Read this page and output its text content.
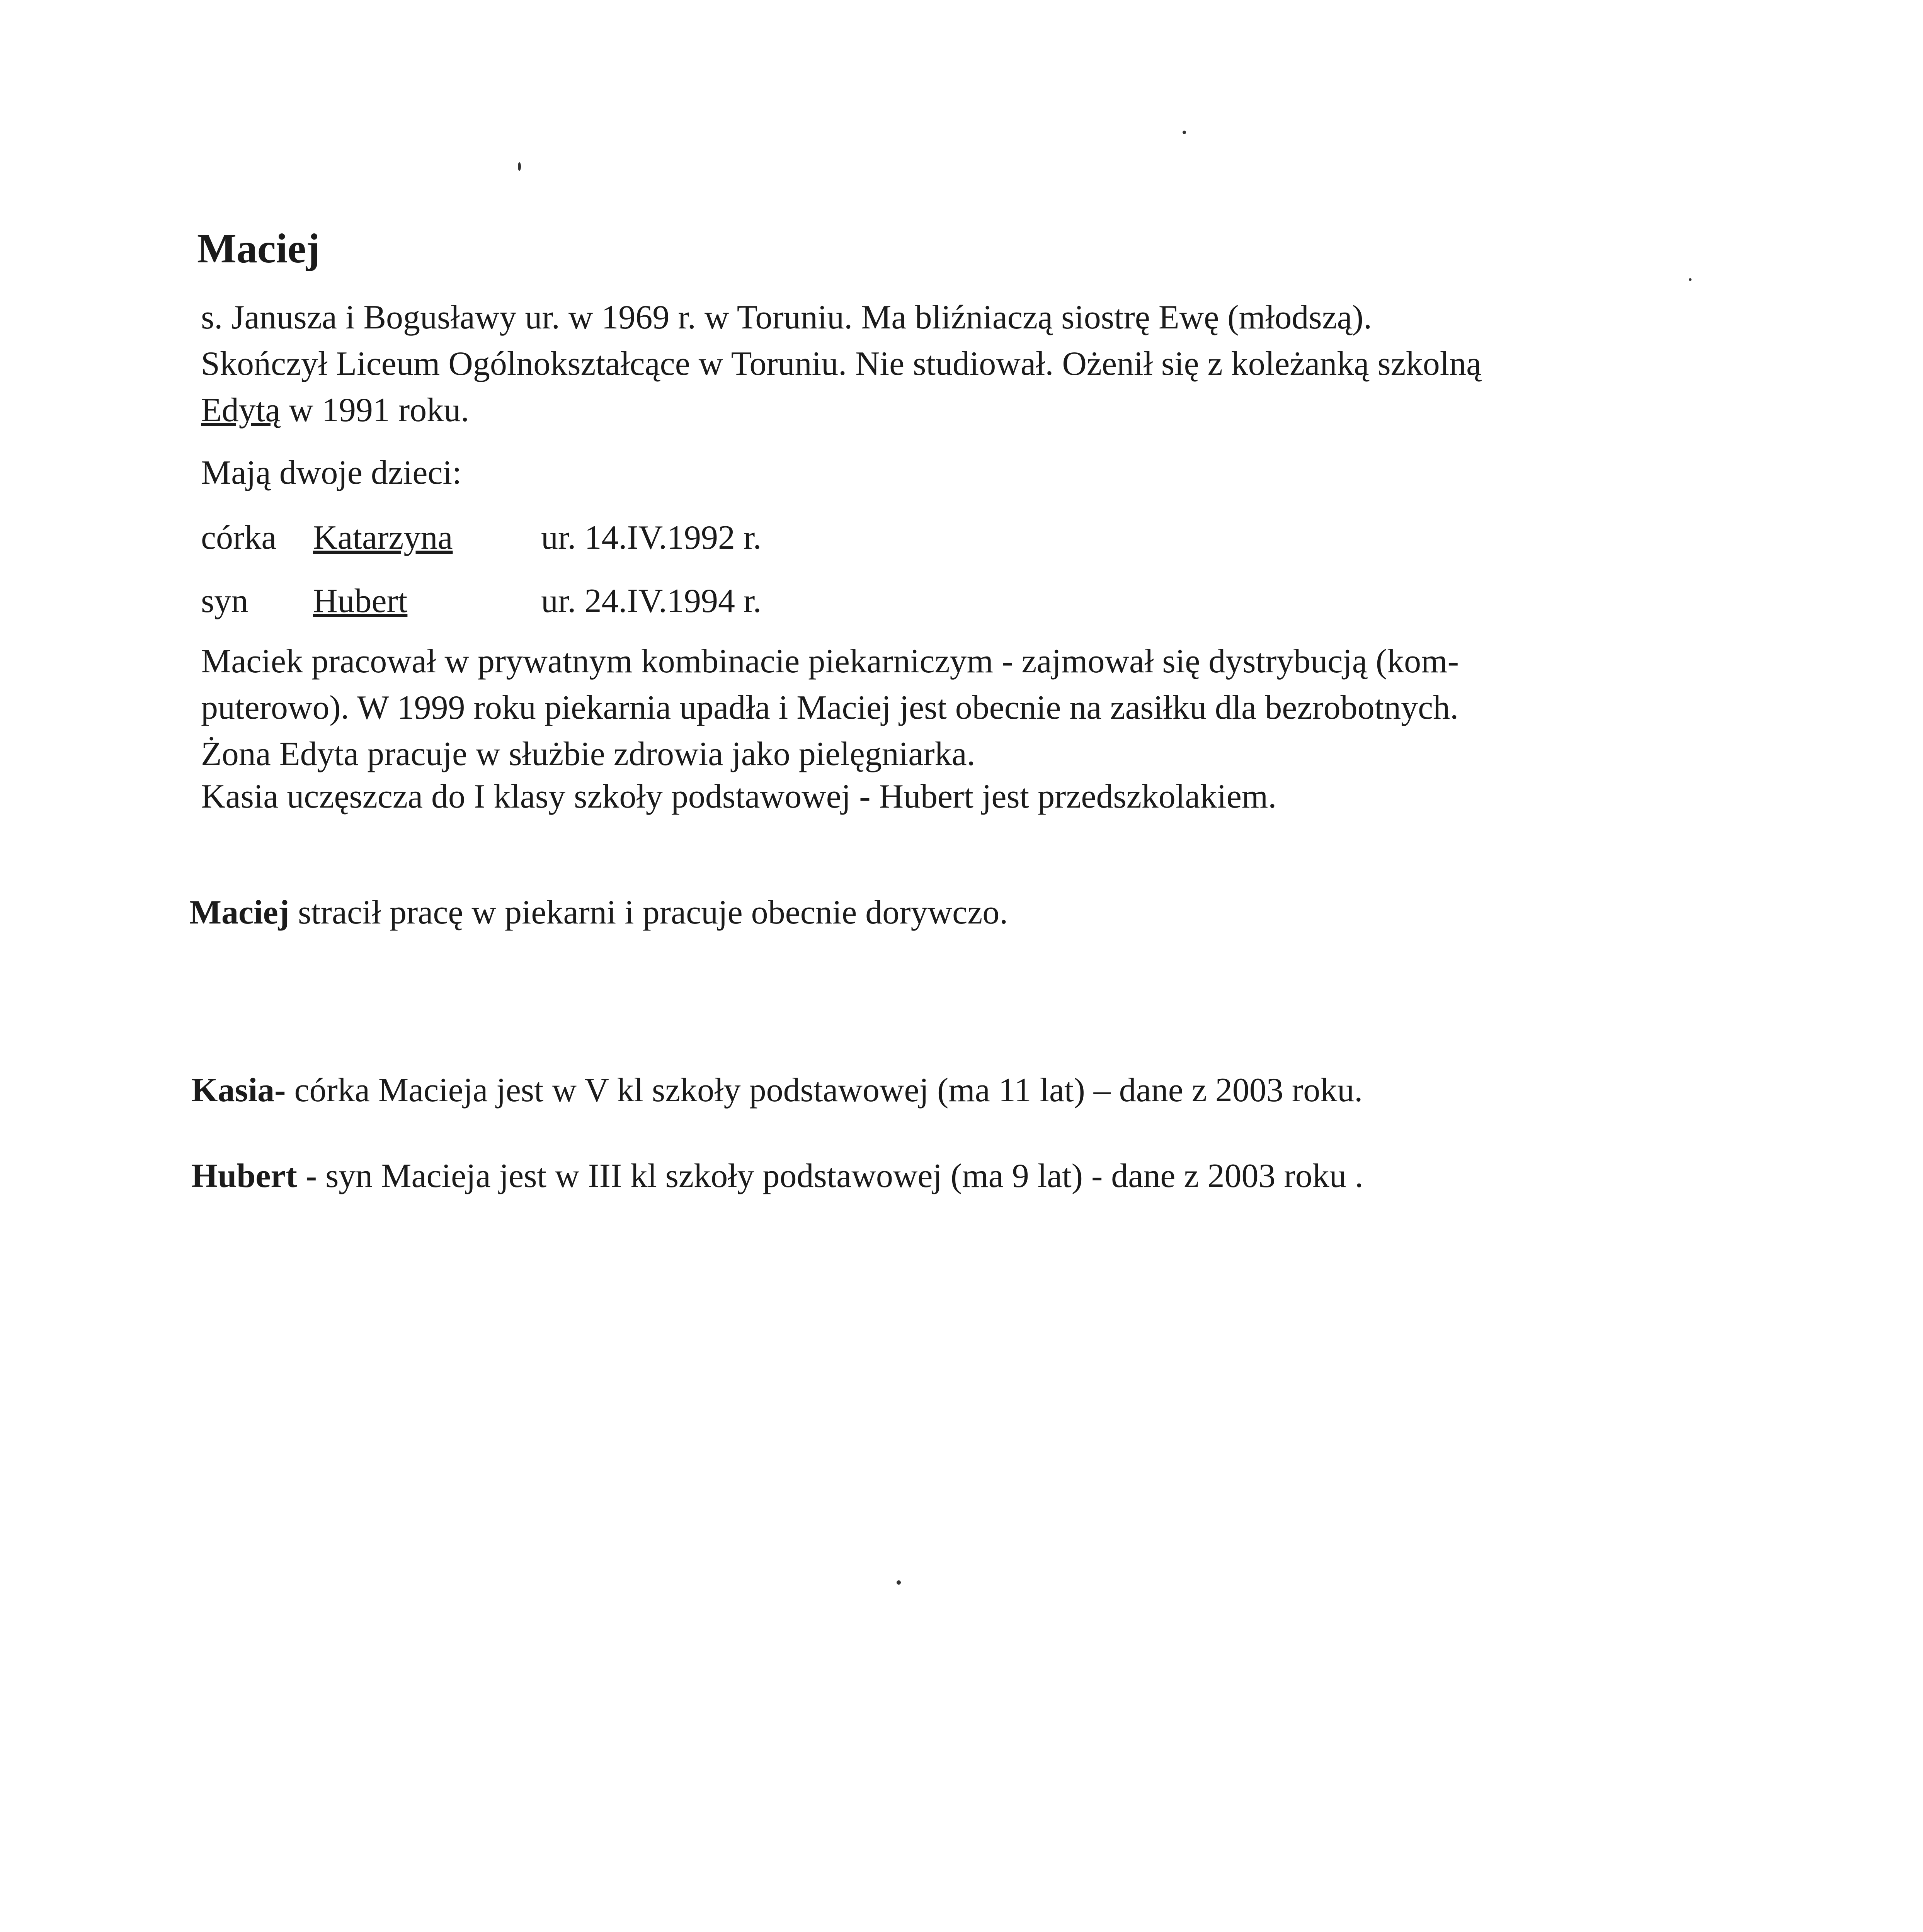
Maciej
s. Janusza i Bogusławy ur. w 1969 r. w Toruniu. Ma bliźniaczą siostrę Ewę (młodszą).
Skończył Liceum Ogólnokształcące w Toruniu. Nie studiował. Ożenił się z koleżanką szkolną
Edytą w 1991 roku.
Mają dwoje dzieci:
córka Katarzyna	ur. 14.IV.1992 r.
syn Hubert	ur. 24.IV.1994 r.
Maciek pracował w prywatnym kombinacie piekarniczym - zajmował się dystrybucją (kom-
puterowo). W 1999 roku piekarnia upadła i Maciej jest obecnie na zasiłku dla bezrobotnych.
Żona Edyta pracuje w służbie zdrowia jako pielęgniarka.
Kasia uczęszcza do I klasy szkoły podstawowej - Hubert jest przedszkolakiem.
Maciej stracił pracę w piekarni i pracuje obecnie dorywczo.
Kasia- córka Macieja jest w V kl szkoły podstawowej (ma 11 lat) – dane z 2003 roku.
Hubert - syn Macieja jest w III kl szkoły podstawowej (ma 9 lat) - dane z 2003 roku .
